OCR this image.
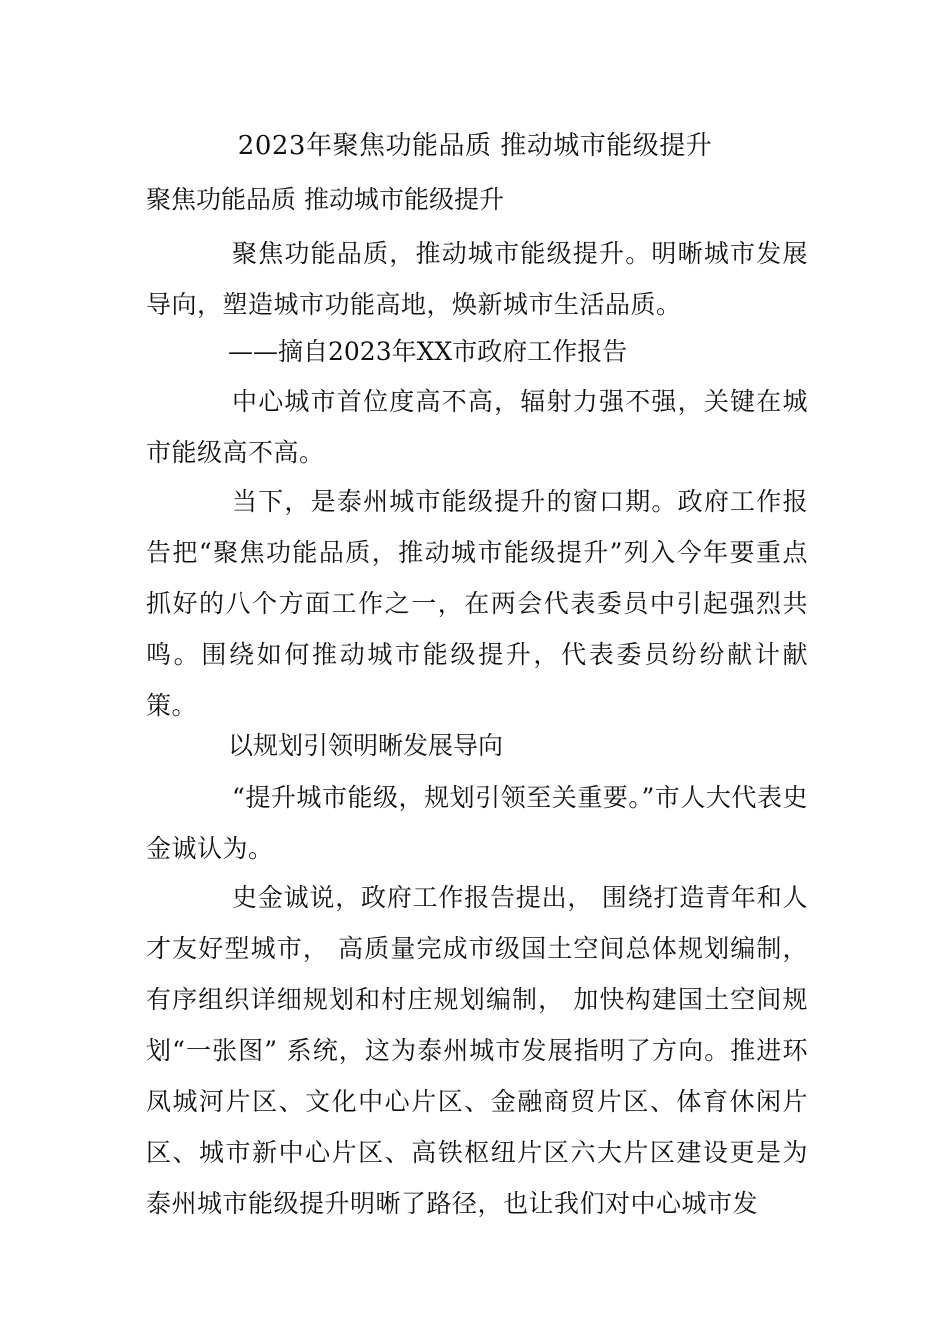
2023年聚焦功能品质 推动城市能级提升
聚焦功能品质 推动城市能级提升
聚焦功能品质，推动城市能级提升。明晰城市发展导向，塑造城市功能高地，焕新城市生活品质。
——摘自2023年XX市政府工作报告
中心城市首位度高不高，辐射力强不强，关键在城市能级高不高。
当下，是泰州城市能级提升的窗口期。政府工作报告把“聚焦功能品质，推动城市能级提升”列入今年要重点抓好的八个方面工作之一，在两会代表委员中引起强烈共鸣。围绕如何推动城市能级提升，代表委员纷纷献计献策。
以规划引领明晰发展导向
“提升城市能级，规划引领至关重要。”市人大代表史金诚认为。
史金诚说，政府工作报告提出， 围绕打造青年和人才友好型城市， 高质量完成市级国土空间总体规划编制，有序组织详细规划和村庄规划编制， 加快构建国土空间规划“一张图” 系统，这为泰州城市发展指明了方向。推进环凤城河片区、文化中心片区、金融商贸片区、体育休闲片区、城市新中心片区、高铁枢纽片区六大片区建设更是为泰州城市能级提升明晰了路径，也让我们对中心城市发
